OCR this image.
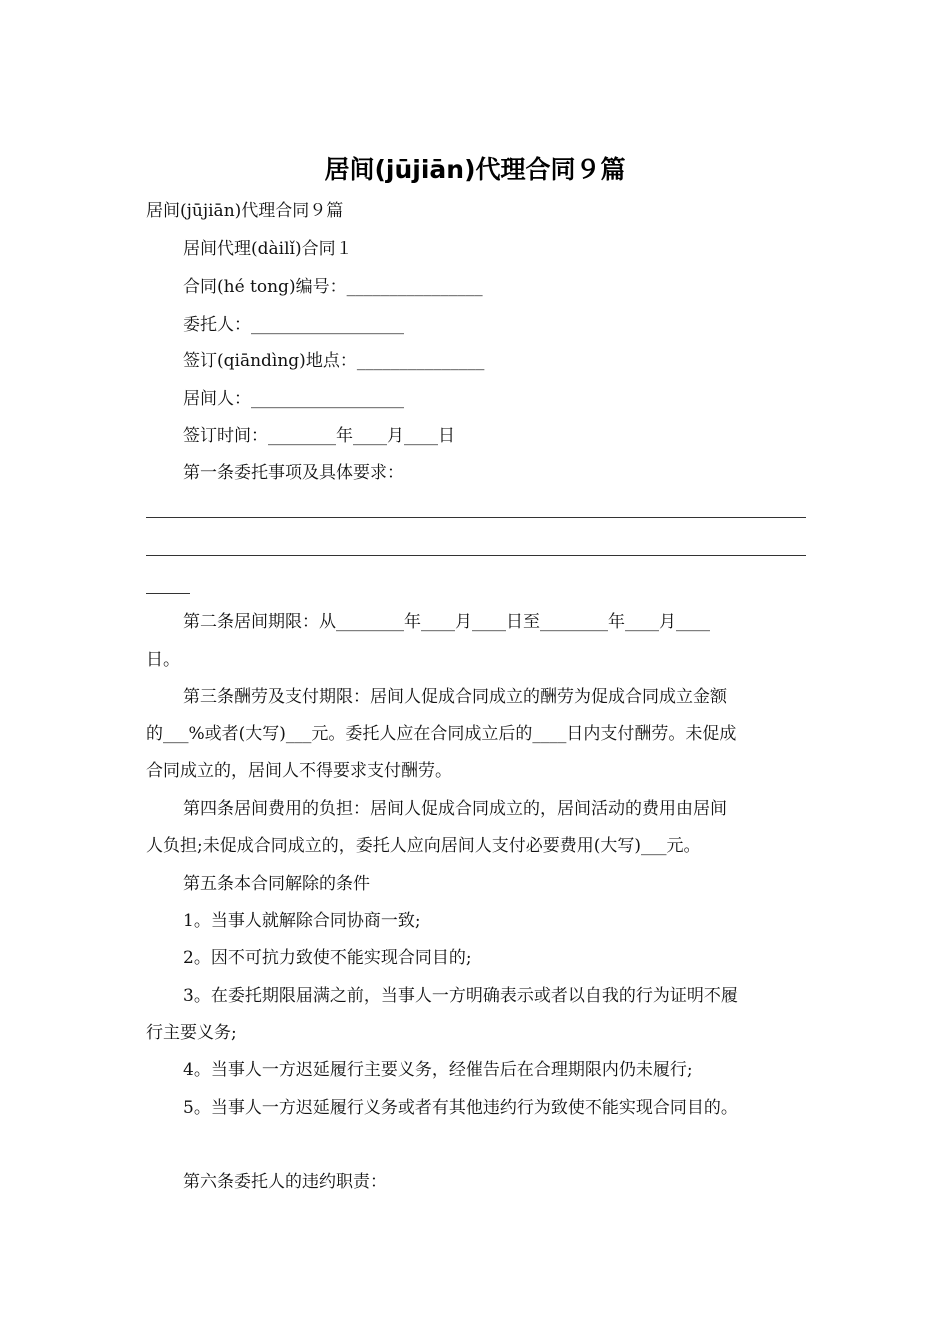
居间(jūjiān)代理合同９篇
居间(jūjiān)代理合同９篇
居间代理(dàilǐ)合同１
合同(hé tong)编号：________________
委托人：__________________
签订(qiāndìng)地点：_______________
居间人：__________________
签订时间：________年____月____日
第一条委托事项及具体要求：
第二条居间期限：从________年____月____日至________年____月____
日。
第三条酬劳及支付期限：居间人促成合同成立的酬劳为促成合同成立金额
的___%或者(大写)___元。委托人应在合同成立后的____日内支付酬劳。未促成
合同成立的，居间人不得要求支付酬劳。
第四条居间费用的负担：居间人促成合同成立的，居间活动的费用由居间
人负担;未促成合同成立的，委托人应向居间人支付必要费用(大写)___元。
第五条本合同解除的条件
1。当事人就解除合同协商一致;
2。因不可抗力致使不能实现合同目的;
3。在委托期限届满之前，当事人一方明确表示或者以自我的行为证明不履
行主要义务;
4。当事人一方迟延履行主要义务，经催告后在合理期限内仍未履行;
5。当事人一方迟延履行义务或者有其他违约行为致使不能实现合同目的。
第六条委托人的违约职责：
